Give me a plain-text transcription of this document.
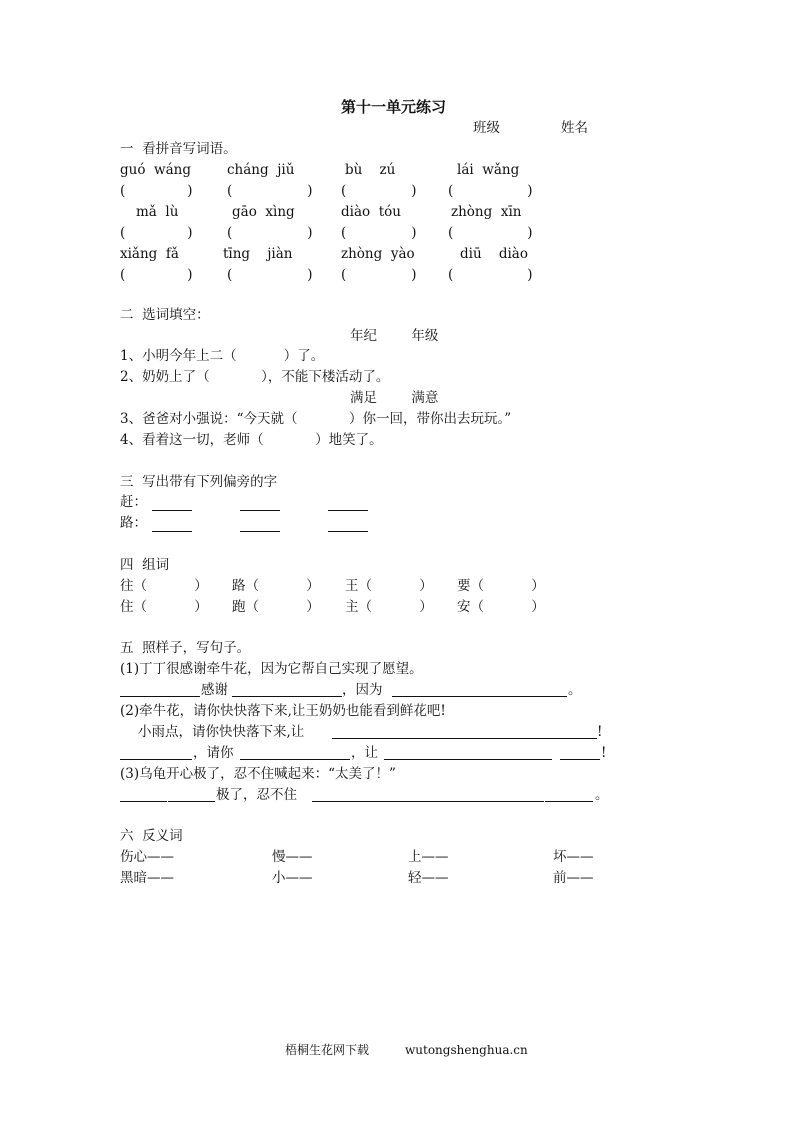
第十一单元练习
班级	姓名
一  看拼音写词语。
guó  wáng	cháng  jiǔ	bù    zú	lái  wǎng
(	)	(	) (	) (	)
mǎ  lù	gāo  xìng	diào  tóu	zhòng  xīn
(	)	(	) (	) (	)
xiǎng  fǎ	tīng    jiàn	zhòng  yào	diū    diào
(	)	(	) (	) (	)
二  选词填空：
年纪        年级
1、小明今年上二（           ）了。
2、奶奶上了（            ），不能下楼活动了。
满足        满意
3、爸爸对小强说：“今天就（            ）你一回，带你出去玩玩。”
4、看着这一切，老师（            ）地笑了。
三  写出带有下列偏旁的字
赶：
路：
四  组词
往（           ） 路（           ） 王（           ） 要（           ）
住（           ） 跑（           ） 主（           ） 安（           ）
五  照样子，写句子。
(1)丁丁很感谢牵牛花，因为它帮自己实现了愿望。
感谢	，因为	。
(2)牵牛花，请你快快落下来,让王奶奶也能看到鲜花吧!
小雨点，请你快快落下来,让	!
，请你	，让	!
(3)乌龟开心极了，忍不住喊起来：“太美了！”
极了，忍不住	。
六  反义词
伤心——	慢——	上——	坏——
黑暗——	小——	轻——	前——
梧桐生花网下载	wutongshenghua.cn
